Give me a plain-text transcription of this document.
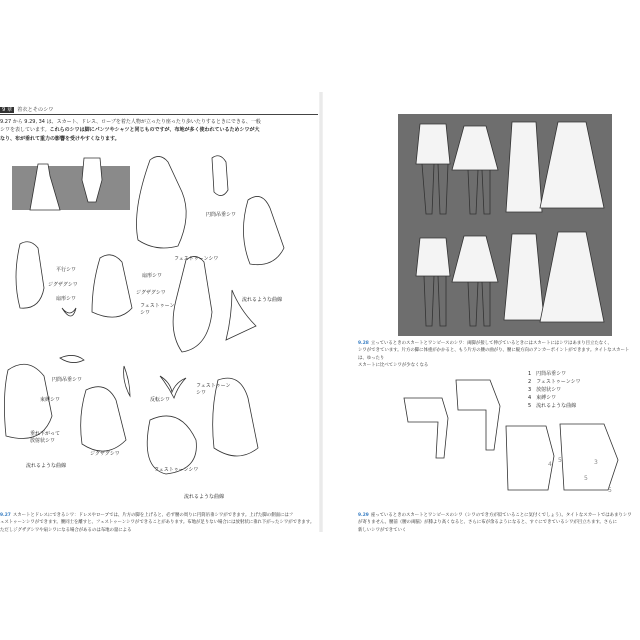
9 章 着衣とそのシワ
9.27 から 9.29, 34 は、スカート、ドレス、ローブを着た人物が立ったり座ったり歩いたりするときにできる、一般
シワを表しています。これらのシワは脚にパンツやシャツと同じものですが、布地が多く使われているためシワが大
なり、布が垂れて重力の影響を受けやすくなります。
円筒吊垂シワ
フェストゥーンシワ
平行シワ
ジグザグシワ
扇形シワ
扇形シワ
ジグザグシワ
フェストゥーン
シワ
流れるような曲線
円筒吊垂シワ
束縛シワ	反転シワ
フェストゥーン
シワ
垂れ下がって
放射状シワ
ジグザグシワ
流れるような曲線
フェストゥーンシワ
流れるような曲線
9.27 スカートとドレスにできるシワ：ドレスやローブでは、片方の脚を上げると、必ず腰の周りに円筒吊垂シワができます。上げた脚の側面にはフ
ェストゥーンシワができます。腰同士を離すと、フェストゥーンシワができることがあります。布地が足りない場合には放射状に垂れ下がったシワができます。
ただしジグザグシワや扇シワになる場合があるのは布地の量による
9.28 立っているときのスカートとワンピースのシワ：両脚が接して伸びているときにはスカートにはシワはあまり目立たなく、
シワができています。片方の脚に体重がかかると、もう片方の腰の曲がり、腰に縦方向のアンカーポイントができます。タイトなスカートは、ゆったり
スカートに比べてシワが少なくなる
4
5	3
5
5
1　円筒吊垂シワ
2　フェストゥーンシワ
3　放射状シワ
4　束縛シワ
5　流れるような曲線
9.29 座っているときのスカートとワンピースのシワ（シワのでき方が似ていることに気付くでしょう）。タイトなスカートではあまりシワ
が寄りません。腰前（腰の両脇）が膝より高くなると、さらに布が余るようになると、すぐにできているシワが目立ちます。さらに
新しいシワができていく
